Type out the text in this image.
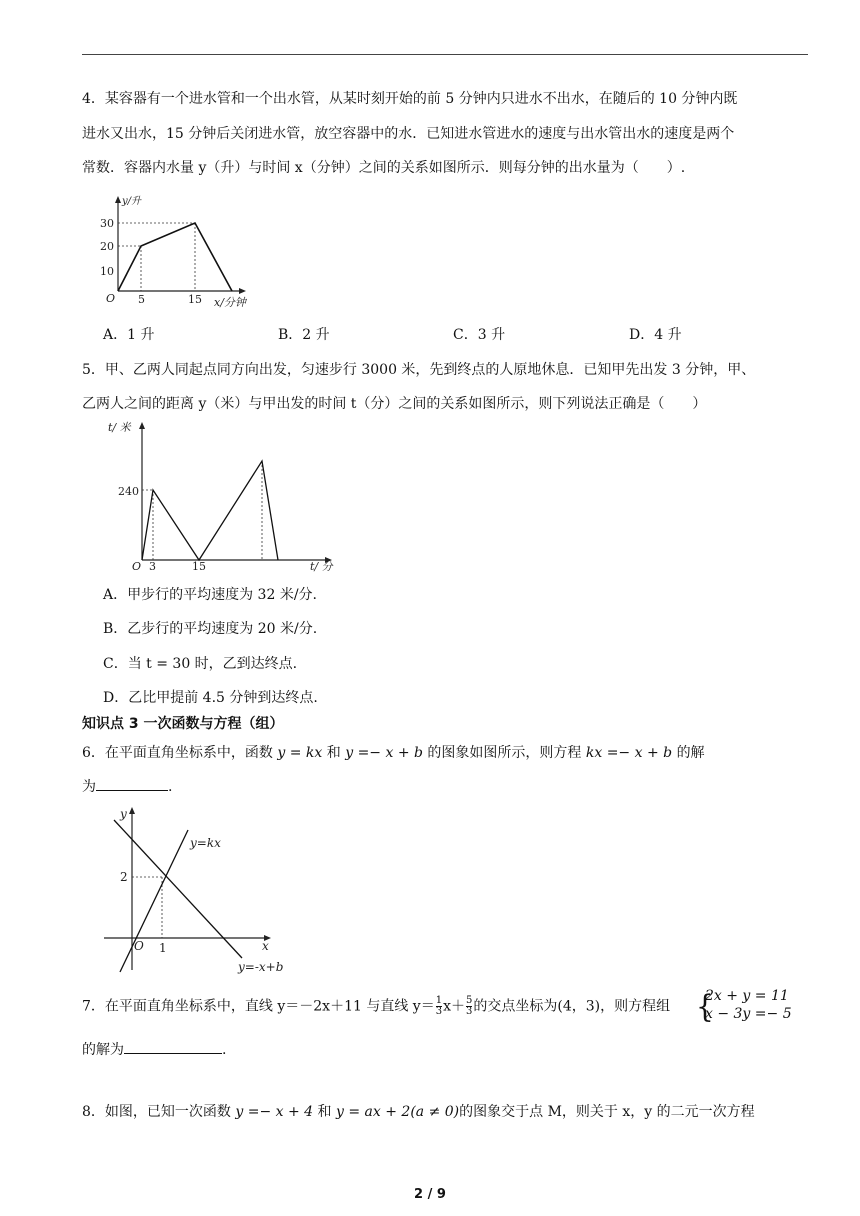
4．某容器有一个进水管和一个出水管，从某时刻开始的前 5 分钟内只进水不出水，在随后的 10 分钟内既
进水又出水，15 分钟后关闭进水管，放空容器中的水．已知进水管进水的速度与出水管出水的速度是两个
常数．容器内水量 y（升）与时间 x（分钟）之间的关系如图所示．则每分钟的出水量为（　　）.
y/升
x/分钟
O
30
20
10
5	15
A．1 升	B．2 升	C．3 升	D．4 升
5．甲、乙两人同起点同方向出发，匀速步行 3000 米，先到终点的人原地休息．已知甲先出发 3 分钟，甲、
乙两人之间的距离 y（米）与甲出发的时间 t（分）之间的关系如图所示，则下列说法正确是（　　）
t/ 米
t/ 分
O
240
3	15
A．甲步行的平均速度为 32 米/分.
B．乙步行的平均速度为 20 米/分.
C．当 t = 30 时，乙到达终点.
D．乙比甲提前 4.5 分钟到达终点.
知识点 3 一次函数与方程（组）
6．在平面直角坐标系中，函数 y = kx 和 y =− x + b 的图象如图所示，则方程 kx =− x + b 的解
为	.
y
x
O
2
1
y=kx
y=-x+b
7．在平面直角坐标系中，直线 y＝－2x＋11 与直线 $y= \frac{1}{3} x+ \frac{5}{3}$ 的交点坐标为(4，3)，则方程组 {
2x + y = 11
x − 3y =− 5
的解为	.
8．如图，已知一次函数 y =− x + 4 和 y = ax + 2(a ≠ 0)的图象交于点 M，则关于 x，y 的二元一次方程
2 / 9
